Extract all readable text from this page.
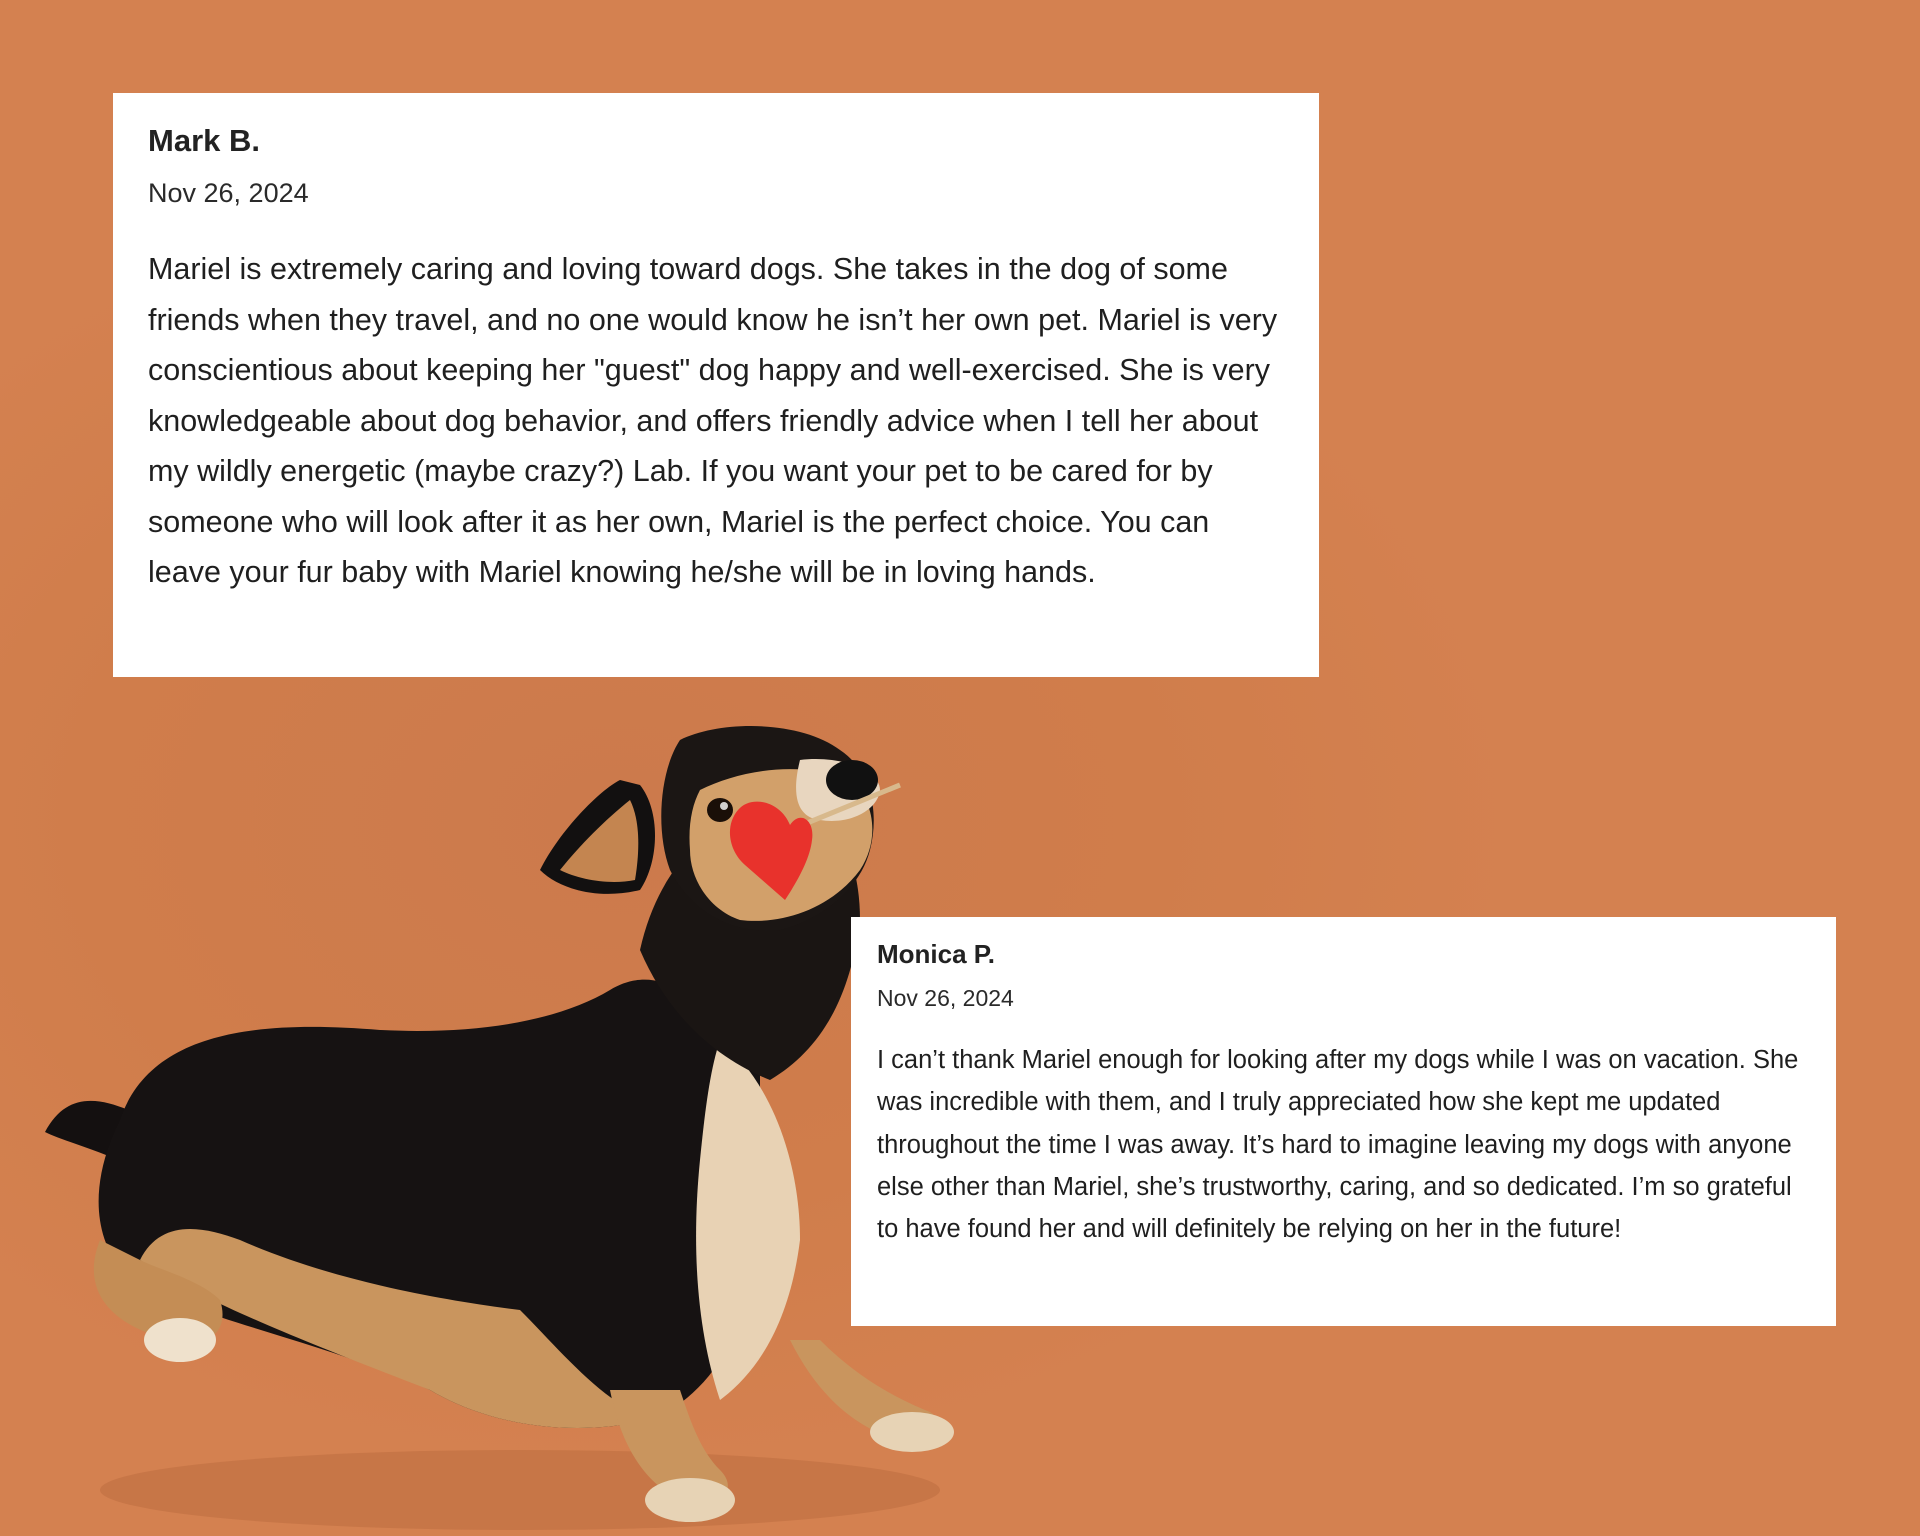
Mark B.

Nov 26, 2024

Mariel is extremely caring and loving toward dogs. She takes in the dog of some friends when they travel, and no one would know he isn’t her own pet. Mariel is very conscientious about keeping her "guest" dog happy and well-exercised. She is very knowledgeable about dog behavior, and offers friendly advice when I tell her about my wildly energetic (maybe crazy?) Lab. If you want your pet to be cared for by someone who will look after it as her own, Mariel is the perfect choice. You can leave your fur baby with Mariel knowing he/she will be in loving hands.

Monica P.

Nov 26, 2024

I can’t thank Mariel enough for looking after my dogs while I was on vacation. She was incredible with them, and I truly appreciated how she kept me updated throughout the time I was away. It’s hard to imagine leaving my dogs with anyone else other than Mariel, she’s trustworthy, caring, and so dedicated. I’m so grateful to have found her and will definitely be relying on her in the future!
